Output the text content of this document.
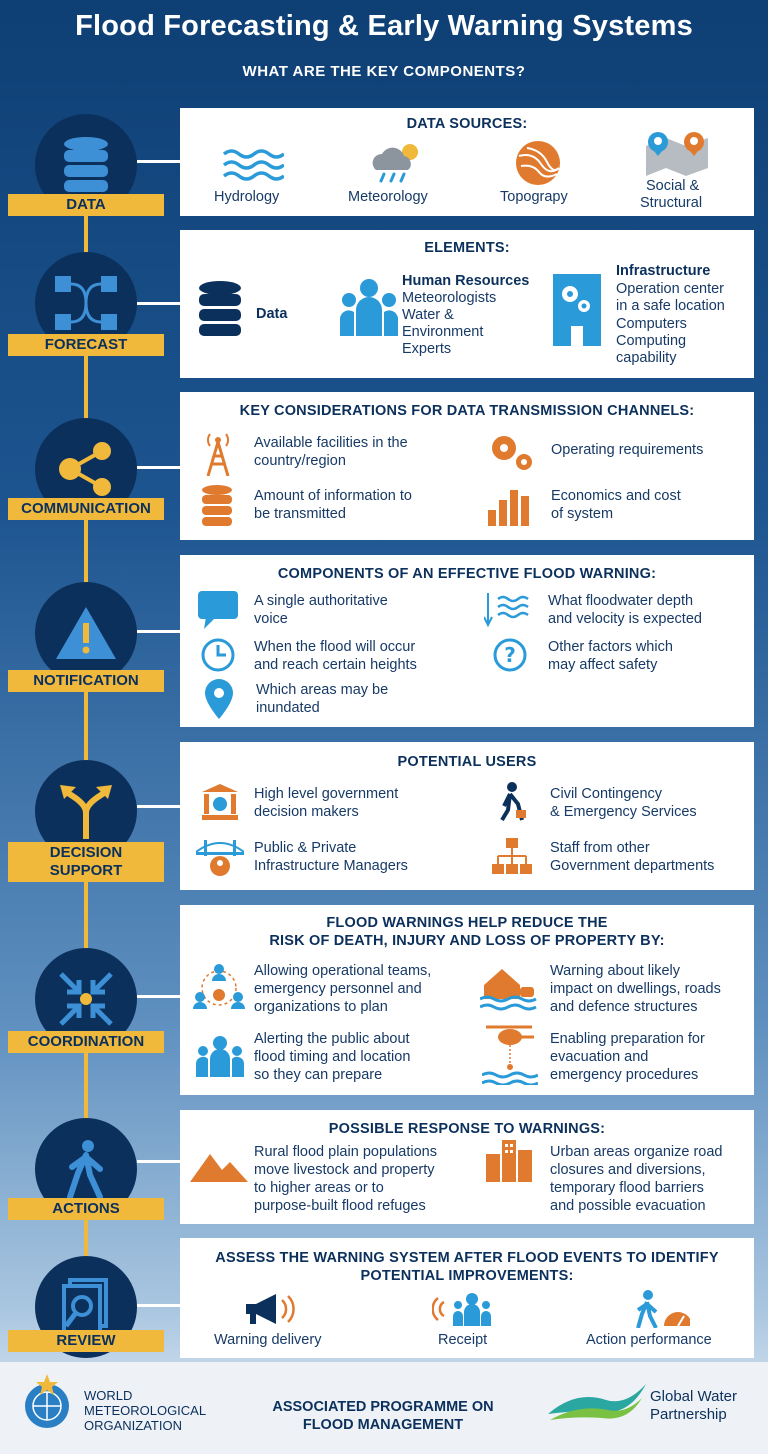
Flood Forecasting & Early Warning Systems
WHAT ARE THE KEY COMPONENTS?
DATA
DATA SOURCES:
Hydrology	Meteorology	Topograpy
Social &
Structural
FORECAST
ELEMENTS:
Data
Human Resources
Meteorologists
Water &
Environment
Experts
Infrastructure
Operation center
in a safe location
Computers
Computing
capability
COMMUNICATION
KEY CONSIDERATIONS FOR DATA TRANSMISSION CHANNELS:
Available facilities in the
country/region
Operating requirements
Amount of information to
be transmitted
Economics and cost
of system
NOTIFICATION
COMPONENTS OF AN EFFECTIVE FLOOD WARNING:
A single authoritative
voice
What floodwater depth
and velocity is expected
When the flood will occur
and reach certain heights	? Other factors which
may affect safety
Which areas may be
inundated
DECISION
SUPPORT
POTENTIAL USERS
High level government
decision makers
Civil Contingency
& Emergency Services
Public & Private
Infrastructure Managers
Staff from other
Government departments
COORDINATION
FLOOD WARNINGS HELP REDUCE THE
RISK OF DEATH, INJURY AND LOSS OF PROPERTY BY:
Allowing operational teams,
emergency personnel and
organizations to plan
Warning about likely
impact on dwellings, roads
and defence structures
Alerting the public about
flood timing and location
so they can prepare
Enabling preparation for
evacuation and
emergency procedures
ACTIONS
POSSIBLE RESPONSE TO WARNINGS:
Rural flood plain populations
move livestock and property
to higher areas or to
purpose-built flood refuges
Urban areas organize road
closures and diversions,
temporary flood barriers
and possible evacuation
REVIEW
ASSESS THE WARNING SYSTEM AFTER FLOOD EVENTS TO IDENTIFY
POTENTIAL IMPROVEMENTS:
Warning delivery	Receipt	Action performance
WORLD
METEOROLOGICAL
ORGANIZATION
ASSOCIATED PROGRAMME ON
FLOOD MANAGEMENT
Global Water
Partnership
